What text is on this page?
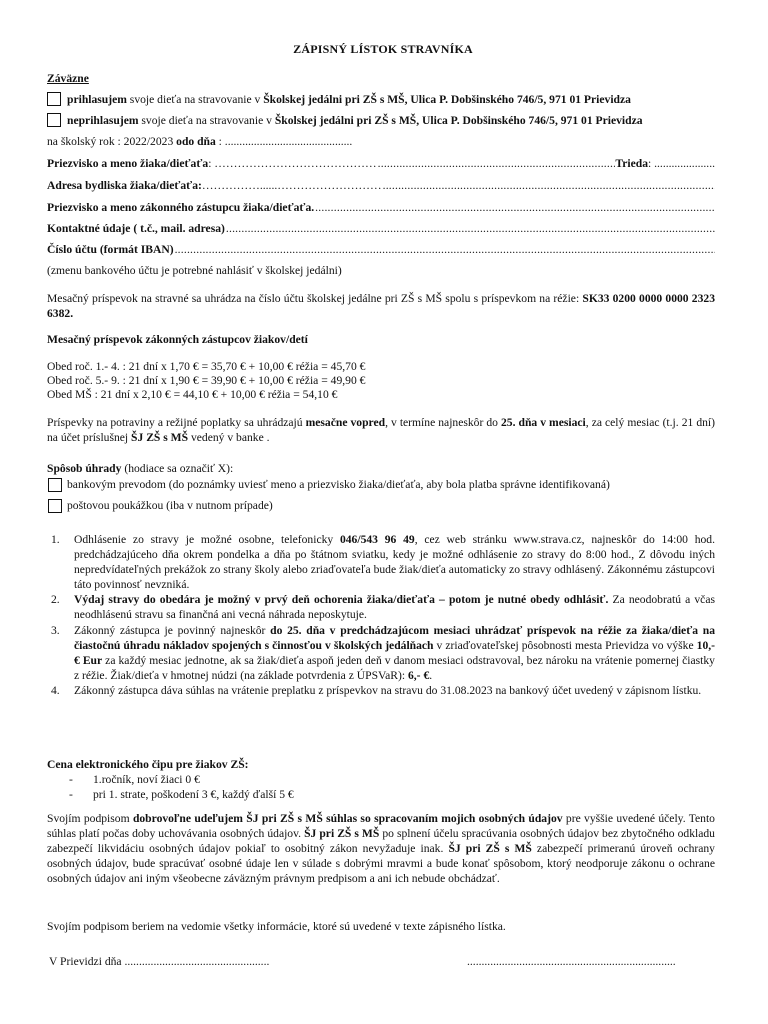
ZÁPISNÝ LÍSTOK STRAVNÍKA
Záväzne
prihlasujem svoje dieťa na stravovanie v Školskej jedálni pri ZŠ s MŠ, Ulica P. Dobšinského 746/5, 971 01 Prievidza
neprihlasujem svoje dieťa na stravovanie v Školskej jedálni pri ZŠ s MŠ, Ulica P. Dobšinského 746/5, 971 01 Prievidza
na školský rok : 2022/2023 odo dňa : ............................................
Priezvisko a meno žiaka/dieťaťa : ……………………………………
.....	Trieda : .....................
Adresa bydliska žiaka/dieťaťa: ……………......………………………
.....
Priezvisko a meno zákonného zástupcu žiaka/dieťaťa.
.....
Kontaktné údaje ( t.č., mail. adresa)
.....
Číslo účtu (formát IBAN)
.....
(zmenu bankového účtu je potrebné nahlásiť v školskej jedálni)
Mesačný príspevok na stravné sa uhrádza na číslo účtu školskej jedálne pri ZŠ s MŠ spolu s príspevkom na réžie: SK33 0200 0000 0000 2323 6382.
Mesačný príspevok zákonných zástupcov žiakov/detí
Obed roč. 1.- 4. : 21 dní x 1,70 € = 35,70 € + 10,00 € réžia = 45,70 €
Obed roč. 5.- 9. : 21 dní x 1,90 € = 39,90 € + 10,00 € réžia = 49,90 €
Obed MŠ : 21 dní x 2,10 € = 44,10 € + 10,00 € réžia = 54,10 €
Príspevky na potraviny a režijné poplatky sa uhrádzajú mesačne vopred, v termíne najneskôr do 25. dňa v mesiaci, za celý mesiac (t.j. 21 dní) na účet príslušnej ŠJ ZŠ s MŠ vedený v banke .
Spôsob úhrady (hodiace sa označiť X):
bankovým prevodom (do poznámky uviesť meno a priezvisko žiaka/dieťaťa, aby bola platba správne identifikovaná)
poštovou poukážkou (iba v nutnom prípade)
1. Odhlásenie zo stravy je možné osobne, telefonicky 046/543 96 49, cez web stránku www.strava.cz, najneskôr do 14:00 hod. predchádzajúceho dňa okrem pondelka a dňa po štátnom sviatku, kedy je možné odhlásenie zo stravy do 8:00 hod., Z dôvodu iných nepredvídateľných prekážok zo strany školy alebo zriaďovateľa bude žiak/dieťa automaticky zo stravy odhlásený. Zákonnému zástupcovi táto povinnosť nevzniká.
2. Výdaj stravy do obedára je možný v prvý deň ochorenia žiaka/dieťaťa – potom je nutné obedy odhlásiť. Za neodobratú a včas neodhlásenú stravu sa finančná ani vecná náhrada neposkytuje.
3. Zákonný zástupca je povinný najneskôr do 25. dňa v predchádzajúcom mesiaci uhrádzať príspevok na réžie za žiaka/dieťa na čiastočnú úhradu nákladov spojených s činnosťou v školských jedálňach v zriaďovateľskej pôsobnosti mesta Prievidza vo výške 10,- € Eur za každý mesiac jednotne, ak sa žiak/dieťa aspoň jeden deň v danom mesiaci odstravoval, bez nároku na vrátenie pomernej čiastky z réžie. Žiak/dieťa v hmotnej núdzi (na základe potvrdenia z ÚPSVaR): 6,- €.
4. Zákonný zástupca dáva súhlas na vrátenie preplatku z príspevkov na stravu do 31.08.2023 na bankový účet uvedený v zápisnom lístku.
Cena elektronického čipu pre žiakov ZŠ:
- 1.ročník, noví žiaci 0 €
- pri 1. strate, poškodení 3 €, každý ďalší 5 €
Svojím podpisom dobrovoľne udeľujem ŠJ pri ZŠ s MŠ súhlas so spracovaním mojich osobných údajov pre vyššie uvedené účely. Tento súhlas platí počas doby uchovávania osobných údajov. ŠJ pri ZŠ s MŠ po splnení účelu spracúvania osobných údajov bez zbytočného odkladu zabezpečí likvidáciu osobných údajov pokiaľ to osobitný zákon nevyžaduje inak. ŠJ pri ZŠ s MŠ zabezpečí primeranú úroveň ochrany osobných údajov, bude spracúvať osobné údaje len v súlade s dobrými mravmi a bude konať spôsobom, ktorý neodporuje zákonu o ochrane osobných údajov ani iným všeobecne záväzným právnym predpisom a ani ich nebude obchádzať.
Svojím podpisom beriem na vedomie všetky informácie, ktoré sú uvedené v texte zápisného lístka.
V Prievidzi dňa ..................................................	........................................................................
